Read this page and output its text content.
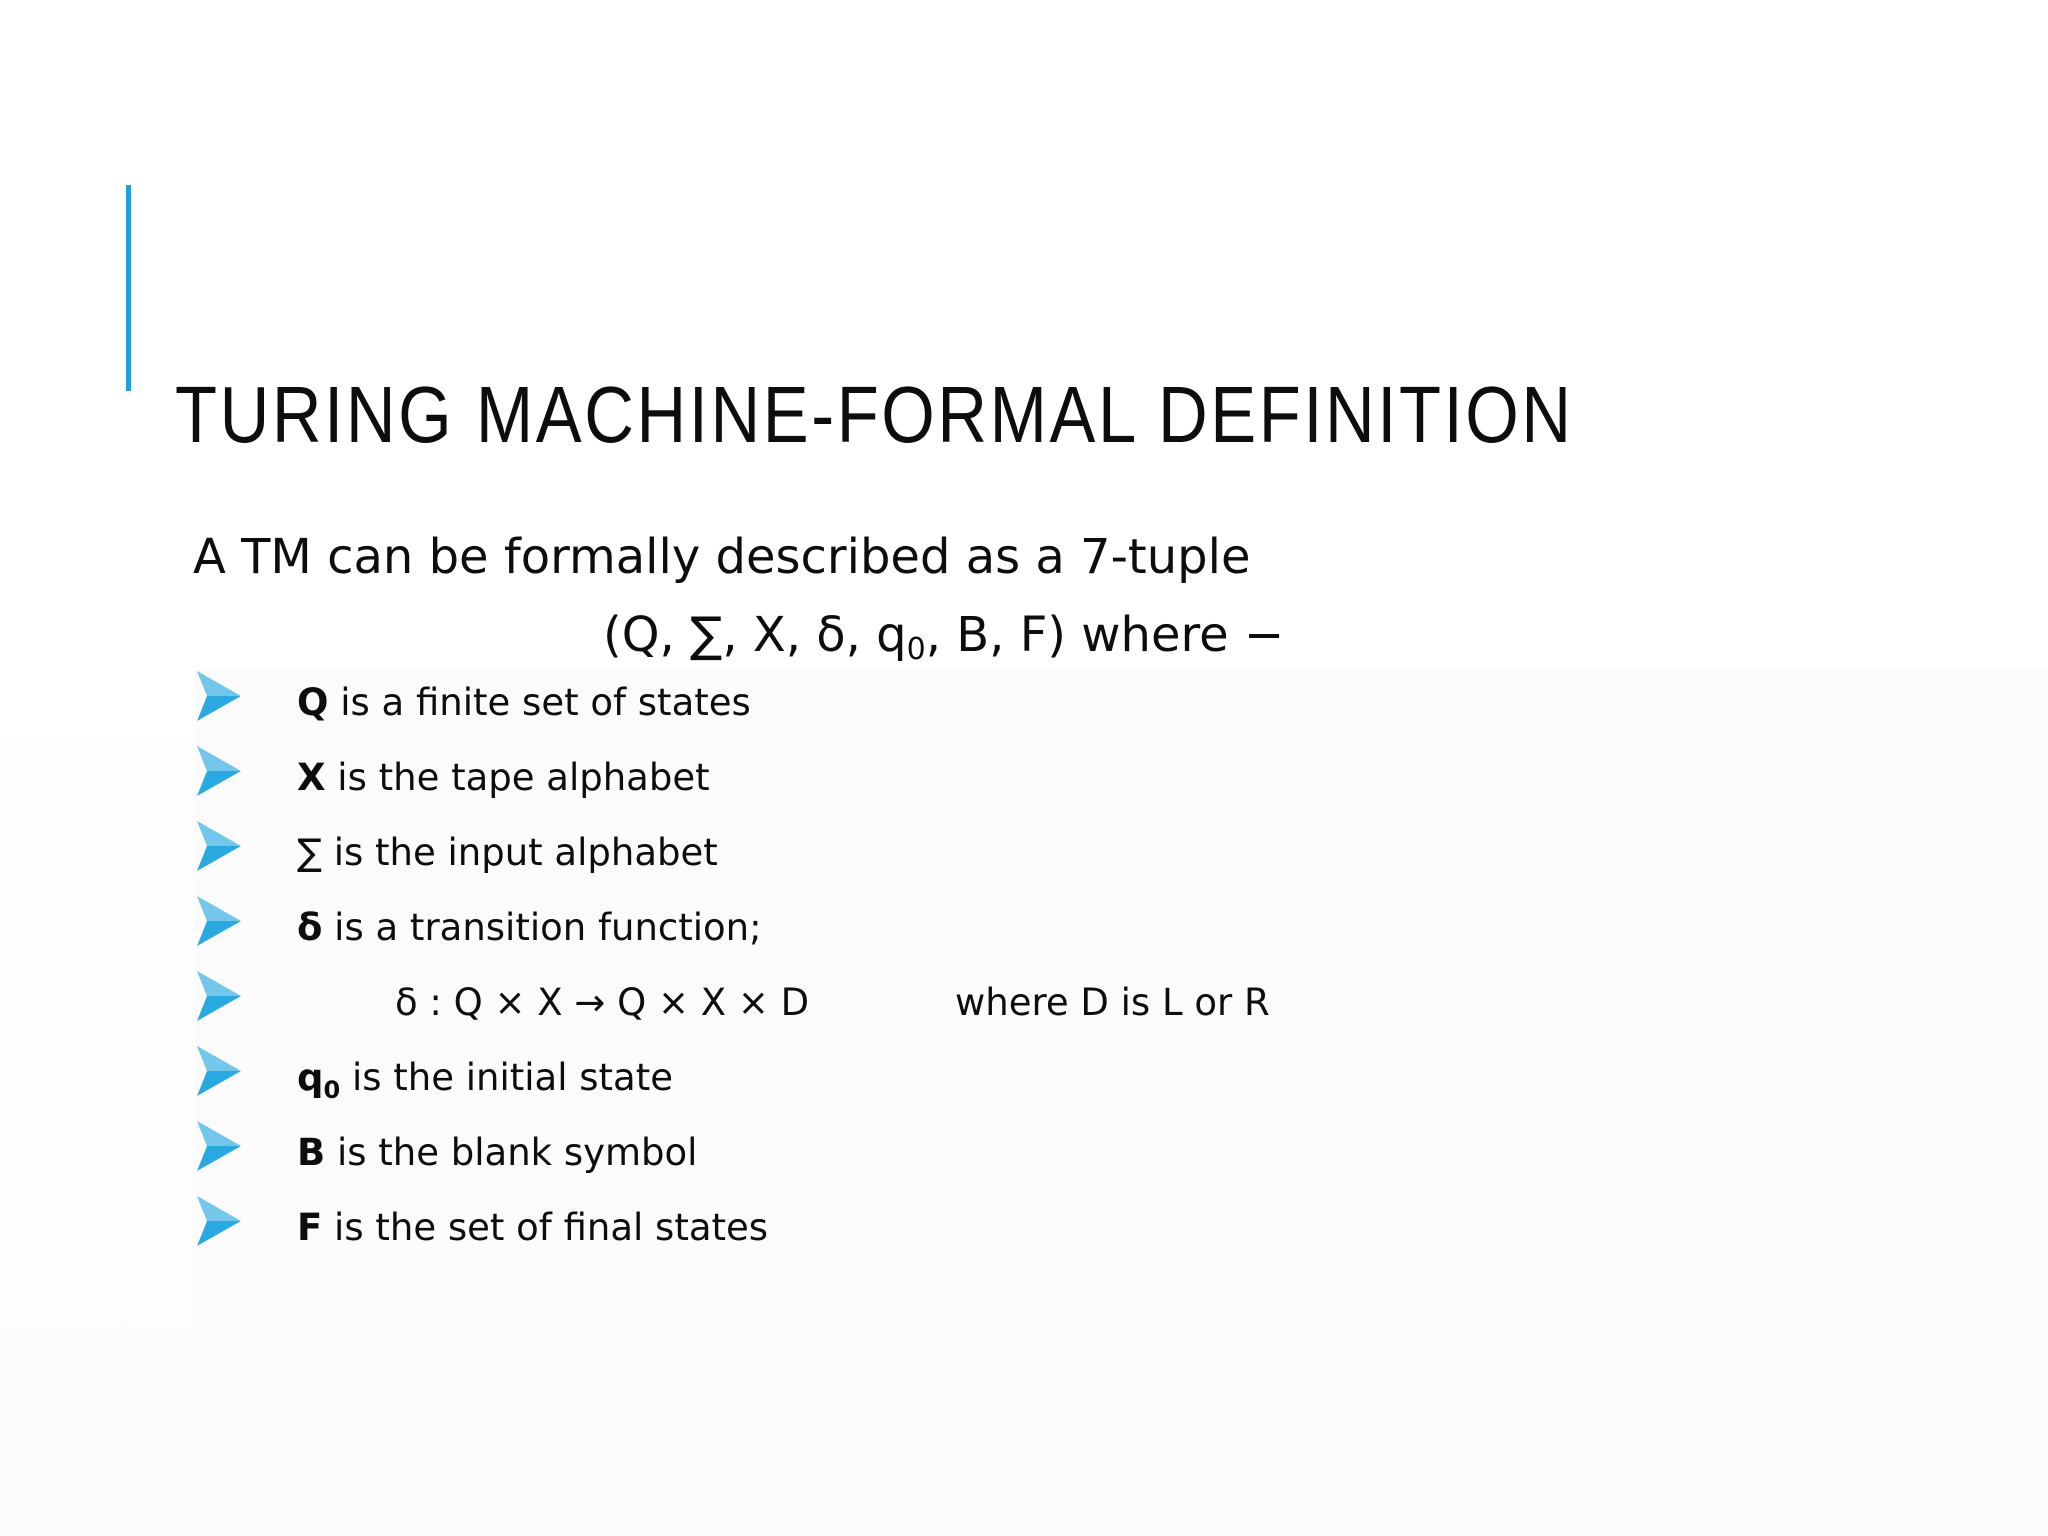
TURING MACHINE-FORMAL DEFINITION
A TM can be formally described as a 7-tuple
(Q, ∑, X, δ, $q_0$, B, F) where −
Q is a finite set of states
X is the tape alphabet
∑ is the input alphabet
δ is a transition function;
δ : Q × X → Q × X × D	where D is L or R
$q_0$ is the initial state
B is the blank symbol
F is the set of final states
